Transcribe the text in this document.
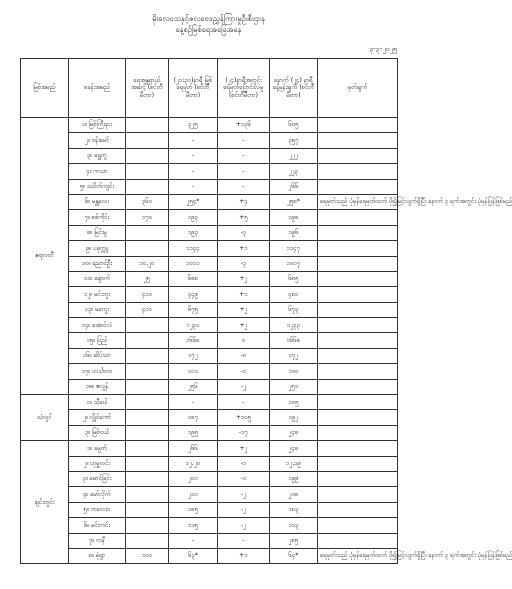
မိုးလေဝသနှင့်ဇလဗေဒညွှန်ကြားမှုဦးစီးဌာန
နေ့စဉ်မြစ်ရေအခြေအနေ
၃-၃-၂၀၂၅
မြစ်အမည်	စခန်းအမည်	ရေအန္တရာယ် အဆင့် (စင်တီမီတာ)	(၂၁:၃၀)နာရီ မြစ်ရေမှတ် (စင်တီမီတာ)	(၂၄)နာရီအတွင်း ရေမှတ်ပြောင်းလဲမှု (စင်တီမီတာ)	နောက် (၂၄) နာရီ ခန့်မှန်းချက် (စင်တီမီတာ)	မှတ်ချက်
ဧရာဝတီ	၁။ မြစ်ကြီးနား		၃၂၅	+၁၃၆	၆၀၅	
	၂။ ဗန်းမော်		-	-	၃၅၇	
	၃။ ရွှေကူ		-	-	၂၂၂	
	၄။ ကသာ		-	-	၂၂၃	
	၅။ သပိတ်ကျင်း		-	-	၂၆၆	
	၆။ မန္တလေး	၃၆၀	၂၅၄*	+၄	၂၅၈*	ရေမှတ်သည် ပုံမှန်ရေမှတ်ထက် ပို၍မြင့်လျက်ရှိပြီး နောက် ၃ ရက်အတွင်း ပုံမှန်ပြန်ဖြစ်မည်
	၇။ စစ်ကိုင်း	၁၇၀	၁၉၃	+၅	၁၉၈	
	၈။ မြင်းမူ		၁၉၃	-၃	၁၉၆	
	၉။ ပခုက္ကူ		၁၁၄၄	+၁	၁၁၄၇	
	၁၀။ ညောင်ဦး	၁၀,၂၀	၁၀၁၁	-၃	၁၀၀၇	
	၁၁။ ချောက်	၂၅	၆၈၈	+၂	၆၈၅	
	၁၂။ မင်းဘူး	၄၁၀	၄၄၉	+၁	၄၈၀	
	၁၃။ မကွေး	၄၁၀	၆၇၅	+၂	၆၇၃	
	၁၄။ အောင်လံ		၁၂၃၁	+၂	၁၂၃၃	
	၁၅။ ပြည်		၁၆၆၈	၀	၁၆၆၈	
	၁၆။ ဆိပ်သာ		၁၇၂	-၀	၁၇၂	
	၁၇။ ဟင်္သာတ		၁၀၁	-၁	၁၀၀	
	၁၈။ ဇလွန်		၂၅၆	-၂	၂၅၁	
သံလွင်	၁။ သီပေါ		-	-	၁၀၅	
	၂။ လွိုင်ကော်		၁၈၇	+၁၀၅	၁၉၂	
	၃။ မြစ်ငယ်		၁၉၅	-၁၇	၂၄၈	
ချင်းတွင်း	၁။ ခမ္ပတ်		၂၆၆	+၂	၂၄၈	
	၂။ ဟုမ္မလင်း		၁၂,၂၀	-၁	၁၂,၁၉	
	၃။ မောင်ခြင်း		၂၀၀	-၁	၁၉၉	
	၄။ မော်လိုက်		၂၁၀	-၂	၂၀၈	
	၅။ ကလေးဝ		၁၈၅	-၂	၁၈၃	
	၆။ မင်းကင်း		၁၁၅	-၂	၁၁၃	
	၇။ ကနီ		-	-	၂၈၅	
	၈။ မုံရွာ	၁၀၀	၆၃*	+၁	၆၄*	ရေမှတ်သည် ပုံမှန်ရေမှတ်ထက် ပို၍မြင့်လျက်ရှိပြီး နောက် ၃ ရက်အတွင်း ပုံမှန်ပြန်ဖြစ်မည်
